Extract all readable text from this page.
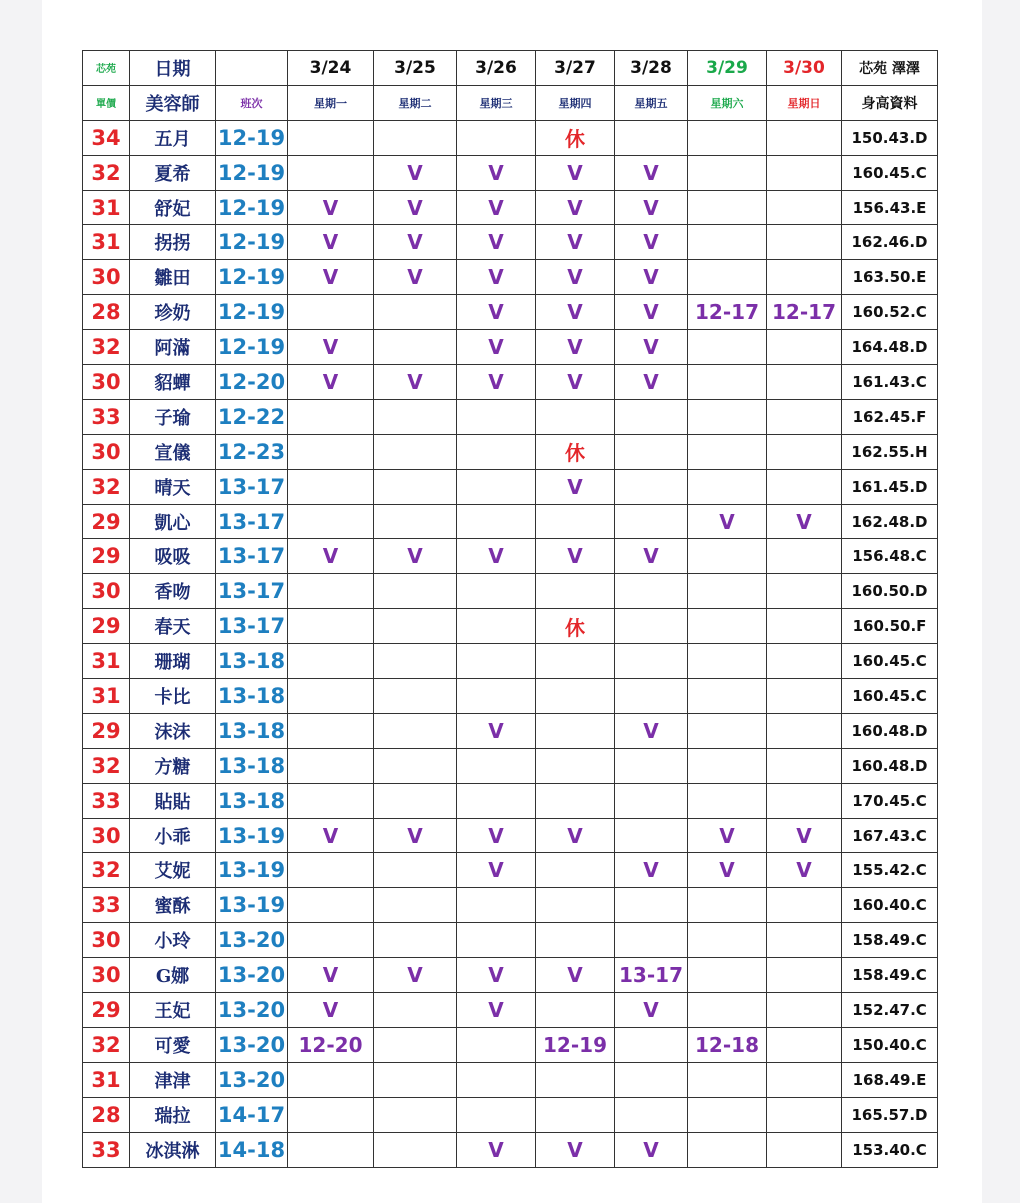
芯苑	日期		3/24	3/25	3/26	3/27	3/28	3/29	3/30	芯苑 澤澤
單價	美容師	班次	星期一	星期二	星期三	星期四	星期五	星期六	星期日	身高資料
34	五月	12-19				休				150.43.D
32	夏希	12-19		V	V	V	V			160.45.C
31	舒妃	12-19	V	V	V	V	V			156.43.E
31	拐拐	12-19	V	V	V	V	V			162.46.D
30	雛田	12-19	V	V	V	V	V			163.50.E
28	珍奶	12-19			V	V	V	12-17	12-17	160.52.C
32	阿滿	12-19	V		V	V	V			164.48.D
30	貂蟬	12-20	V	V	V	V	V			161.43.C
33	子瑜	12-22								162.45.F
30	宣儀	12-23				休				162.55.H
32	晴天	13-17				V				161.45.D
29	凱心	13-17						V	V	162.48.D
29	吸吸	13-17	V	V	V	V	V			156.48.C
30	香吻	13-17								160.50.D
29	春天	13-17				休				160.50.F
31	珊瑚	13-18								160.45.C
31	卡比	13-18								160.45.C
29	沫沫	13-18			V		V			160.48.D
32	方糖	13-18								160.48.D
33	貼貼	13-18								170.45.C
30	小乖	13-19	V	V	V	V		V	V	167.43.C
32	艾妮	13-19			V		V	V	V	155.42.C
33	蜜酥	13-19								160.40.C
30	小玲	13-20								158.49.C
30	G娜	13-20	V	V	V	V	13-17			158.49.C
29	王妃	13-20	V		V		V			152.47.C
32	可愛	13-20	12-20			12-19		12-18		150.40.C
31	津津	13-20								168.49.E
28	瑞拉	14-17								165.57.D
33	冰淇淋	14-18			V	V	V			153.40.C
